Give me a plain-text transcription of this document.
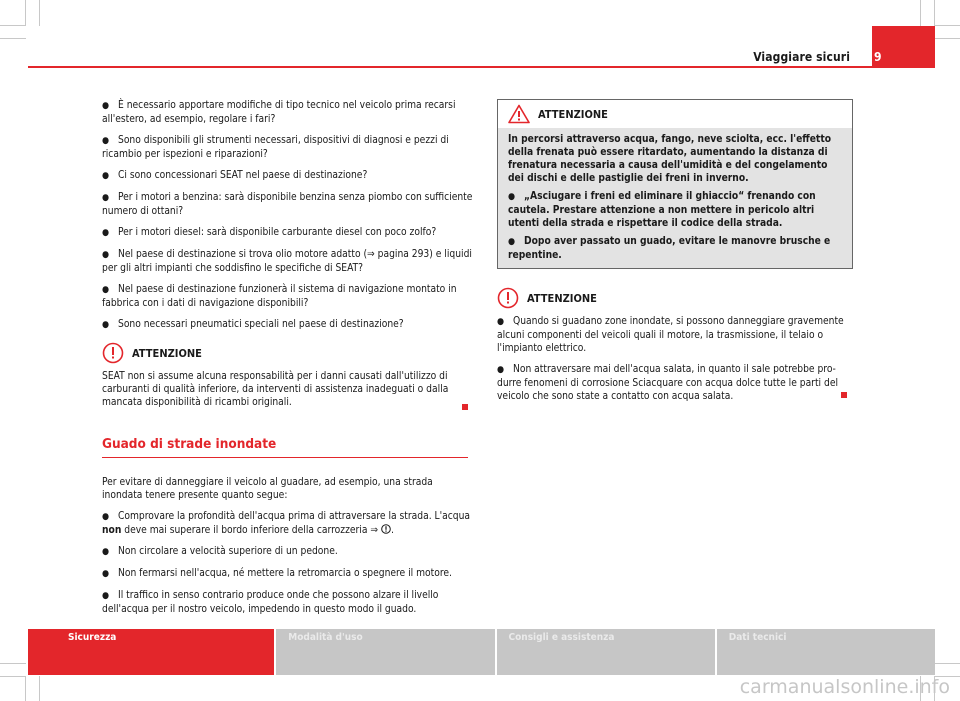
Viaggiare sicuri 9
● È necessario apportare modifiche di tipo tecnico nel veicolo prima recarsi all'estero, ad esempio, regolare i fari?
● Sono disponibili gli strumenti necessari, dispositivi di diagnosi e pezzi di ricambio per ispezioni e riparazioni?
● Ci sono concessionari SEAT nel paese di destinazione?
● Per i motori a benzina: sarà disponibile benzina senza piombo con sufficiente numero di ottani?
● Per i motori diesel: sarà disponibile carburante diesel con poco zolfo?
● Nel paese di destinazione si trova olio motore adatto (⇒ pagina 293) e liquidi per gli altri impianti che soddisfino le specifiche di SEAT?
● Nel paese di destinazione funzionerà il sistema di navigazione montato in fabbrica con i dati di navigazione disponibili?
● Sono necessari pneumatici speciali nel paese di destinazione?
ATTENZIONE
SEAT non si assume alcuna responsabilità per i danni causati dall'utilizzo di carburanti di qualità inferiore, da interventi di assistenza inadeguati o dalla mancata disponibilità di ricambi originali.
Guado di strade inondate
Per evitare di danneggiare il veicolo al guadare, ad esempio, una strada inondata tenere presente quanto segue:
● Comprovare la profondità dell'acqua prima di attraversare la strada. L'acqua non deve mai superare il bordo inferiore della carrozzeria ⇒ .
● Non circolare a velocità superiore di un pedone.
● Non fermarsi nell'acqua, né mettere la retromarcia o spegnere il motore.
● Il traffico in senso contrario produce onde che possono alzare il livello dell'acqua per il nostro veicolo, impedendo in questo modo il guado.
ATTENZIONE
In percorsi attraverso acqua, fango, neve sciolta, ecc. l'effetto della frenata può essere ritardato, aumentando la distanza di frenatura necessaria a causa dell'umidità e del congelamento dei dischi e delle pastiglie dei freni in inverno.
● „Asciugare i freni ed eliminare il ghiaccio“ frenando con cautela. Prestare attenzione a non mettere in pericolo altri utenti della strada e rispettare il codice della strada.
● Dopo aver passato un guado, evitare le manovre brusche e repentine.
ATTENZIONE
● Quando si guadano zone inondate, si possono danneggiare gravemente alcuni componenti del veicoli quali il motore, la trasmissione, il telaio o l'impianto elettrico.
● Non attraversare mai dell'acqua salata, in quanto il sale potrebbe produrre fenomeni di corrosione Sciacquare con acqua dolce tutte le parti del veicolo che sono state a contatto con acqua salata.
Sicurezza	Modalità d'uso	Consigli e assistenza	Dati tecnici
carmanualsonline.info
